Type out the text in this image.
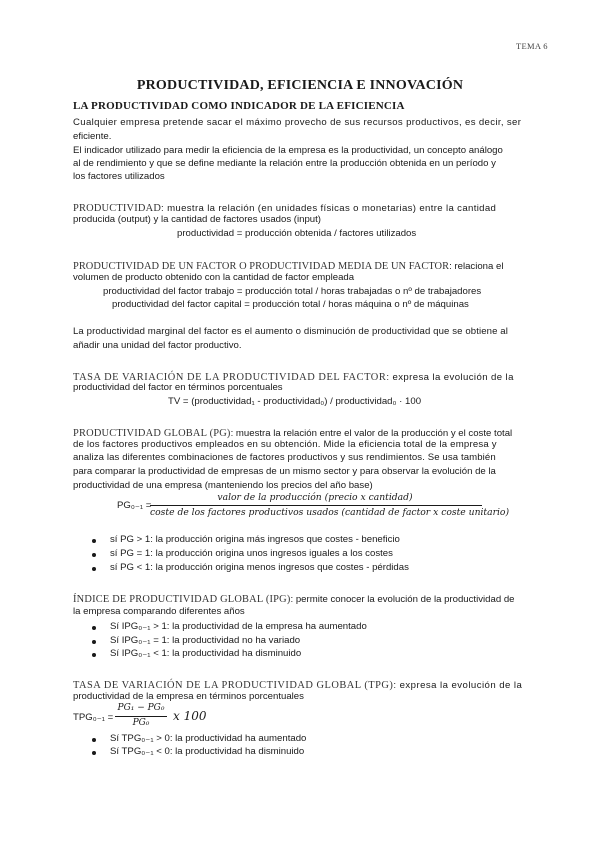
TEMA 6
PRODUCTIVIDAD, EFICIENCIA E INNOVACIÓN
LA PRODUCTIVIDAD COMO INDICADOR DE LA EFICIENCIA
Cualquier empresa pretende sacar el máximo provecho de sus recursos productivos, es decir, ser
eficiente.
El indicador utilizado para medir la eficiencia de la empresa es la productividad, un concepto análogo
al de rendimiento y que se define mediante la relación entre la producción obtenida en un período y
los factores utilizados
PRODUCTIVIDAD: muestra la relación (en unidades físicas o monetarias) entre la cantidad
producida (output) y la cantidad de factores usados (input)
productividad = producción obtenida / factores utilizados
PRODUCTIVIDAD DE UN FACTOR O PRODUCTIVIDAD MEDIA DE UN FACTOR: relaciona el
volumen de producto obtenido con la cantidad de factor empleada
productividad del factor trabajo = producción total / horas trabajadas o nº de trabajadores
productividad del factor capital = producción total / horas máquina o nº de máquinas
La productividad marginal del factor es el aumento o disminución de productividad que se obtiene al
añadir una unidad del factor productivo.
TASA DE VARIACIÓN DE LA PRODUCTIVIDAD DEL FACTOR: expresa la evolución de la
productividad del factor en términos porcentuales
TV = (productividad₁ - productividad₀) / productividad₀ · 100
PRODUCTIVIDAD GLOBAL (PG): muestra la relación entre el valor de la producción y el coste total
de los factores productivos empleados en su obtención. Mide la eficiencia total de la empresa y
analiza las diferentes combinaciones de factores productivos y sus rendimientos. Se usa también
para comparar la productividad de empresas de un mismo sector y para observar la evolución de la
productividad de una empresa (manteniendo los precios del año base)
PG₀₋₁ =
valor de la producción (precio x cantidad)
coste de los factores productivos usados (cantidad de factor x coste unitario)
sí PG > 1: la producción origina más ingresos que costes - beneficio
sí PG = 1: la producción origina unos ingresos iguales a los costes
sí PG < 1: la producción origina menos ingresos que costes - pérdidas
ÍNDICE DE PRODUCTIVIDAD GLOBAL (IPG): permite conocer la evolución de la productividad de
la empresa comparando diferentes años
Sí IPG₀₋₁ > 1: la productividad de la empresa ha aumentado
Sí IPG₀₋₁ = 1: la productividad no ha variado
Sí IPG₀₋₁ < 1: la productividad ha disminuido
TASA DE VARIACIÓN DE LA PRODUCTIVIDAD GLOBAL (TPG): expresa la evolución de la
productividad de la empresa en términos porcentuales
TPG₀₋₁ =
PG₁ − PG₀
PG₀	x 100
Sí TPG₀₋₁ > 0: la productividad ha aumentado
Sí TPG₀₋₁ < 0: la productividad ha disminuido
